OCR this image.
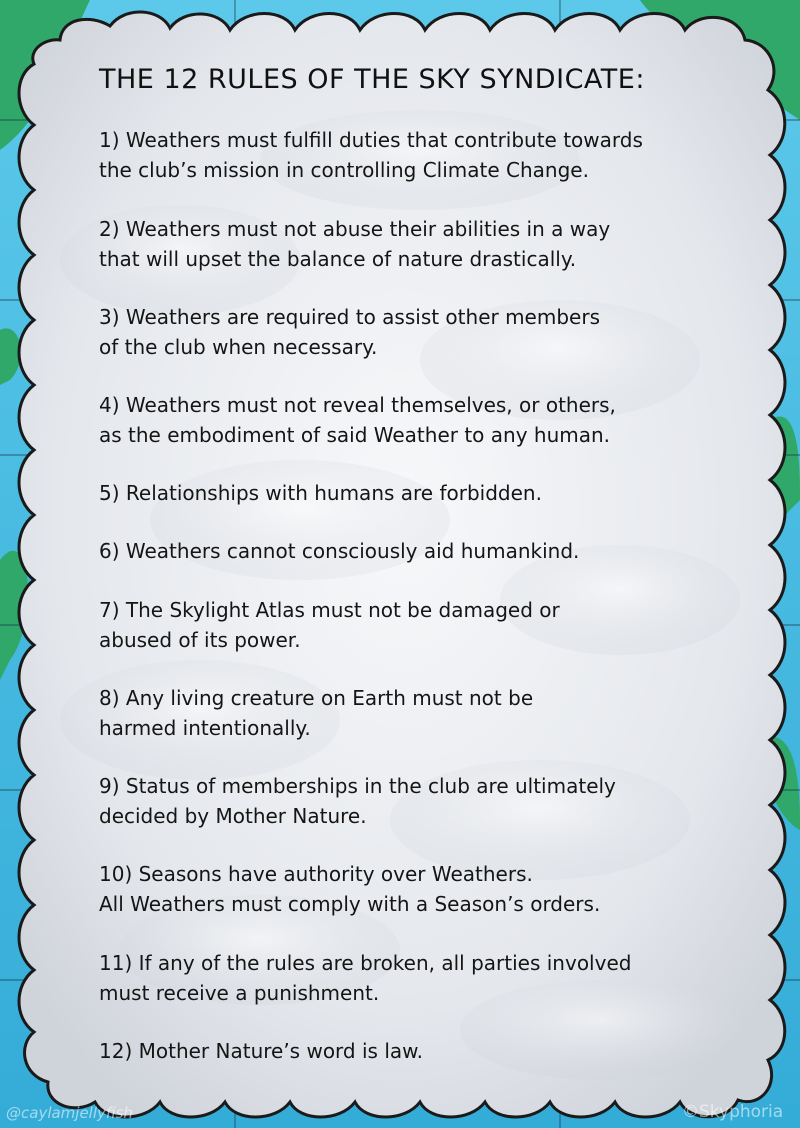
THE 12 RULES OF THE SKY SYNDICATE:
1) Weathers must fulfill duties that contribute towards
the club’s mission in controlling Climate Change.
2) Weathers must not abuse their abilities in a way
that will upset the balance of nature drastically.
3) Weathers are required to assist other members
of the club when necessary.
4) Weathers must not reveal themselves, or others,
as the embodiment of said Weather to any human.
5) Relationships with humans are forbidden.
6) Weathers cannot consciously aid humankind.
7) The Skylight Atlas must not be damaged or
abused of its power.
8) Any living creature on Earth must not be
harmed intentionally.
9) Status of memberships in the club are ultimately
decided by Mother Nature.
10) Seasons have authority over Weathers.
All Weathers must comply with a Season’s orders.
11) If any of the rules are broken, all parties involved
must receive a punishment.
12) Mother Nature’s word is law.
@caylamjellyfish	©Skyphoria
